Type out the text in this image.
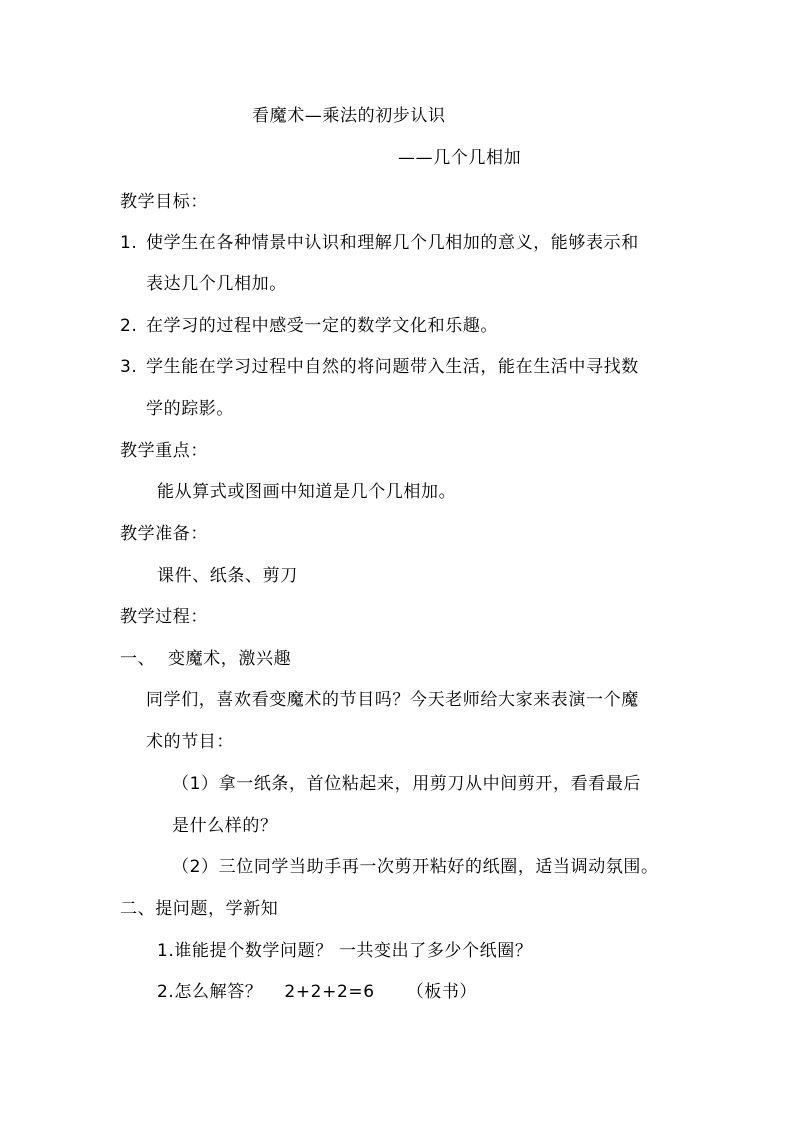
看魔术—乘法的初步认识
——几个几相加
教学目标：
1. 使学生在各种情景中认识和理解几个几相加的意义，能够表示和
表达几个几相加。
2. 在学习的过程中感受一定的数学文化和乐趣。
3. 学生能在学习过程中自然的将问题带入生活，能在生活中寻找数
学的踪影。
教学重点：
能从算式或图画中知道是几个几相加。
教学准备：
课件、纸条、剪刀
教学过程：
一、 变魔术，激兴趣
同学们，喜欢看变魔术的节目吗？今天老师给大家来表演一个魔
术的节目：
（1）拿一纸条，首位粘起来，用剪刀从中间剪开，看看最后
是什么样的？
（2）三位同学当助手再一次剪开粘好的纸圈，适当调动氛围。
二、提问题，学新知
1.谁能提个数学问题？ 一共变出了多少个纸圈？
2.怎么解答？ 2+2+2=6 （板书）
